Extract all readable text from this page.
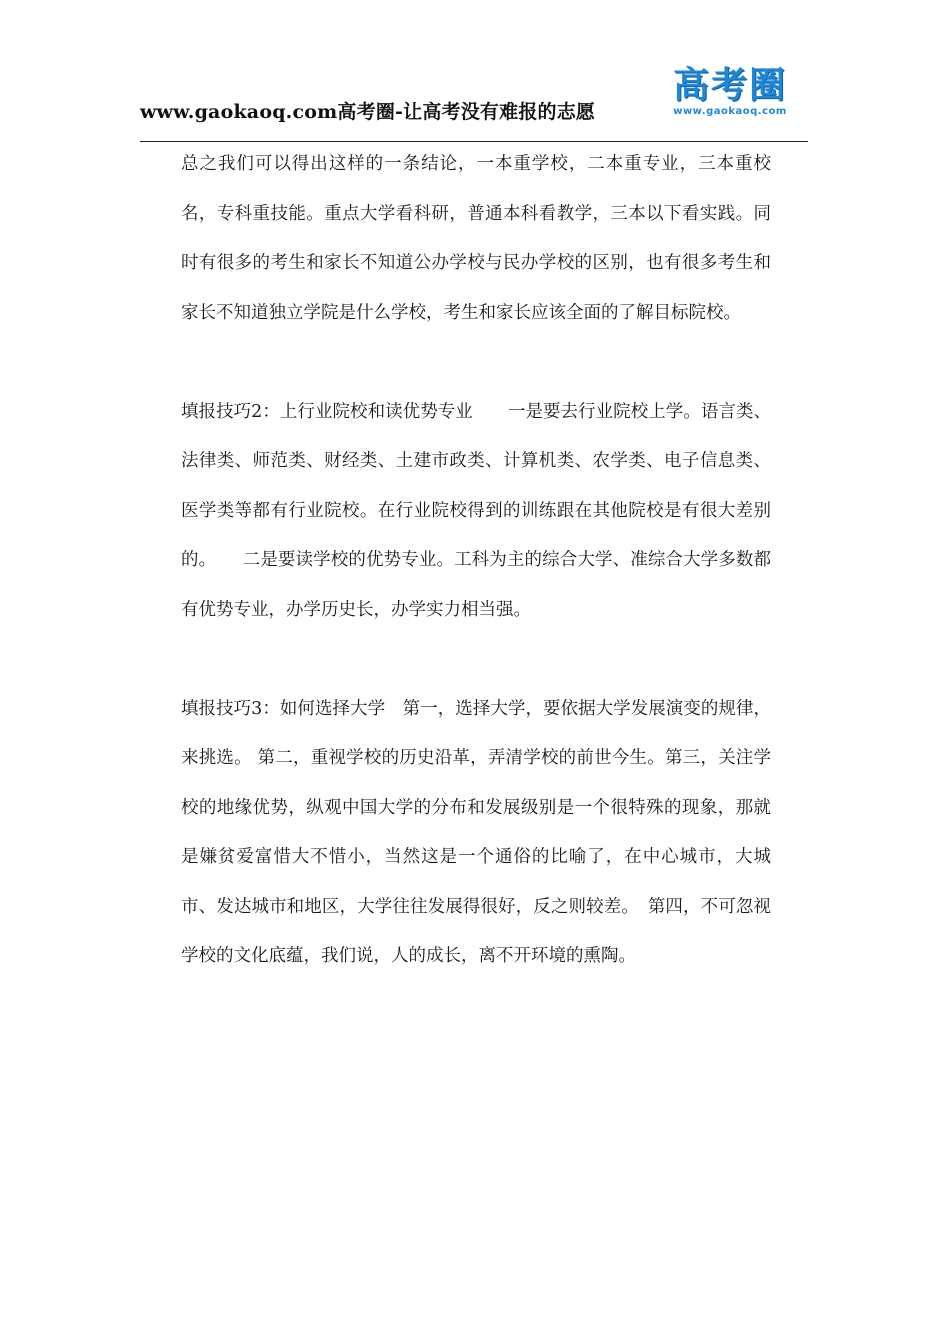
www.gaokaoq.com高考圈-让高考没有难报的志愿
高考圈
www.gaokaoq.com

总之我们可以得出这样的一条结论，一本重学校，二本重专业，三本重校名，专科重技能。重点大学看科研，普通本科看教学，三本以下看实践。同时有很多的考生和家长不知道公办学校与民办学校的区别，也有很多考生和家长不知道独立学院是什么学校，考生和家长应该全面的了解目标院校。

填报技巧2：上行业院校和读优势专业　　一是要去行业院校上学。语言类、法律类、师范类、财经类、土建市政类、计算机类、农学类、电子信息类、医学类等都有行业院校。在行业院校得到的训练跟在其他院校是有很大差别的。　　二是要读学校的优势专业。工科为主的综合大学、准综合大学多数都有优势专业，办学历史长，办学实力相当强。

填报技巧3：如何选择大学　第一，选择大学，要依据大学发展演变的规律，来挑选。 第二，重视学校的历史沿革，弄清学校的前世今生。第三，关注学校的地缘优势，纵观中国大学的分布和发展级别是一个很特殊的现象，那就是嫌贫爱富惜大不惜小，当然这是一个通俗的比喻了，在中心城市，大城市、发达城市和地区，大学往往发展得很好，反之则较差。　第四，不可忽视学校的文化底蕴，我们说，人的成长，离不开环境的熏陶。
